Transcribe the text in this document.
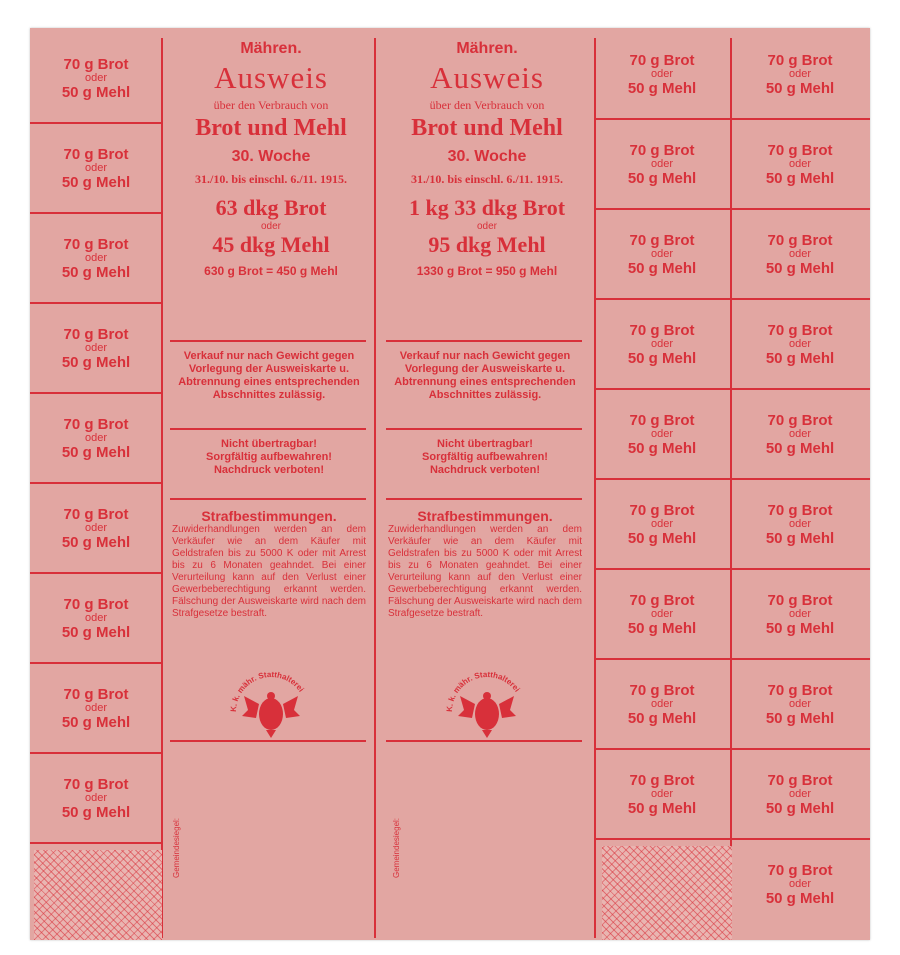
Mähren.
Ausweis
über den Verbrauch von
Brot und Mehl
30. Woche
31./10. bis einschl. 6./11. 1915.
63 dkg Brot
oder
45 dkg Mehl
630 g Brot = 450 g Mehl
Mähren.
Ausweis
über den Verbrauch von
Brot und Mehl
30. Woche
31./10. bis einschl. 6./11. 1915.
1 kg 33 dkg Brot
oder
95 dkg Mehl
1330 g Brot = 950 g Mehl
Verkauf nur nach Gewicht gegen Vorlegung der Ausweiskarte u. Abtrennung eines entsprechenden Abschnittes zulässig.
Verkauf nur nach Gewicht gegen Vorlegung der Ausweiskarte u. Abtrennung eines entsprechenden Abschnittes zulässig.
Nicht übertragbar!
Sorgfältig aufbewahren!
Nachdruck verboten!
Nicht übertragbar!
Sorgfältig aufbewahren!
Nachdruck verboten!
Strafbestimmungen.
Zuwiderhandlungen werden an dem Verkäufer wie an dem Käufer mit Geldstrafen bis zu 5000 K oder mit Arrest bis zu 6 Monaten geahndet. Bei einer Verurteilung kann auf den Verlust einer Gewerbeberechtigung erkannt werden. Fälschung der Ausweiskarte wird nach dem Strafgesetze bestraft.
Strafbestimmungen.
Zuwiderhandlungen werden an dem Verkäufer wie an dem Käufer mit Geldstrafen bis zu 5000 K oder mit Arrest bis zu 6 Monaten geahndet. Bei einer Verurteilung kann auf den Verlust einer Gewerbeberechtigung erkannt werden. Fälschung der Ausweiskarte wird nach dem Strafgesetze bestraft.
K. k. mähr. Statthalterei
K. k. mähr. Statthalterei
Gemeindesiegel:	Gemeindesiegel:
70 g Brot
oder
50 g Mehl
70 g Brot
oder
50 g Mehl
70 g Brot
oder
50 g Mehl
70 g Brot
oder
50 g Mehl
70 g Brot
oder
50 g Mehl
70 g Brot
oder
50 g Mehl
70 g Brot
oder
50 g Mehl
70 g Brot
oder
50 g Mehl
70 g Brot
oder
50 g Mehl
70 g Brot
oder
50 g Mehl
70 g Brot
oder
50 g Mehl
70 g Brot
oder
50 g Mehl
70 g Brot
oder
50 g Mehl
70 g Brot
oder
50 g Mehl
70 g Brot
oder
50 g Mehl
70 g Brot
oder
50 g Mehl
70 g Brot
oder
50 g Mehl
70 g Brot
oder
50 g Mehl
70 g Brot
oder
50 g Mehl
70 g Brot
oder
50 g Mehl
70 g Brot
oder
50 g Mehl
70 g Brot
oder
50 g Mehl
70 g Brot
oder
50 g Mehl
70 g Brot
oder
50 g Mehl
70 g Brot
oder
50 g Mehl
70 g Brot
oder
50 g Mehl
70 g Brot
oder
50 g Mehl
70 g Brot
oder
50 g Mehl
